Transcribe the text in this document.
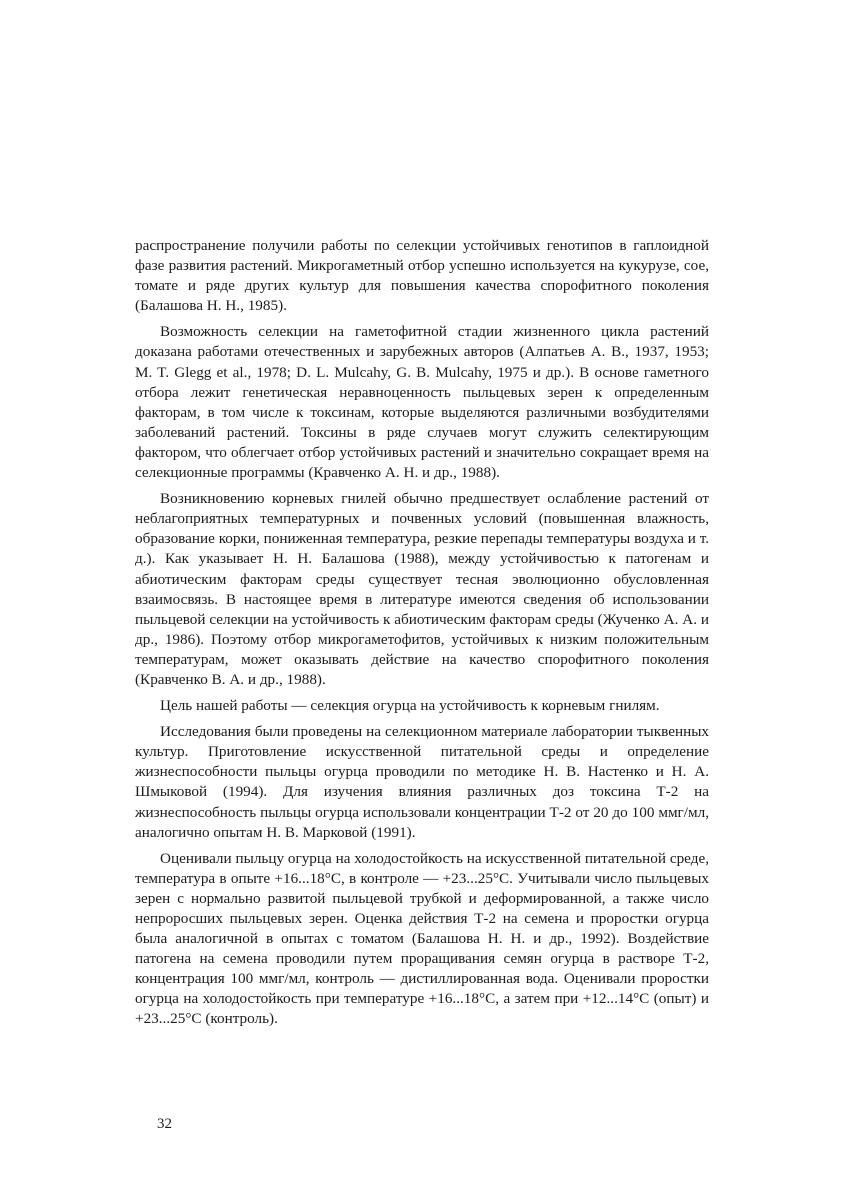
распространение получили работы по селекции устойчивых генотипов в гаплоидной фазе развития растений. Микрогаметный отбор успешно используется на кукурузе, сое, томате и ряде других культур для повышения качества спорофитного поколения (Балашова Н. Н., 1985).

Возможность селекции на гаметофитной стадии жизненного цикла растений доказана работами отечественных и зарубежных авторов (Алпатьев А. В., 1937, 1953; M. T. Glegg et al., 1978; D. L. Mulcahy, G. B. Mulcahy, 1975 и др.). В основе гаметного отбора лежит генетическая неравноценность пыльцевых зерен к определенным факторам, в том числе к токсинам, которые выделяются различными возбудителями заболеваний растений. Токсины в ряде случаев могут служить селектирующим фактором, что облегчает отбор устойчивых растений и значительно сокращает время на селекционные программы (Кравченко А. Н. и др., 1988).

Возникновению корневых гнилей обычно предшествует ослабление растений от неблагоприятных температурных и почвенных условий (повышенная влажность, образование корки, пониженная температура, резкие перепады температуры воздуха и т. д.). Как указывает Н. Н. Балашова (1988), между устойчивостью к патогенам и абиотическим факторам среды существует тесная эволюционно обусловленная взаимосвязь. В настоящее время в литературе имеются сведения об использовании пыльцевой селекции на устойчивость к абиотическим факторам среды (Жученко А. А. и др., 1986). Поэтому отбор микрогаметофитов, устойчивых к низким положительным температурам, может оказывать действие на качество спорофитного поколения (Кравченко В. А. и др., 1988).

Цель нашей работы — селекция огурца на устойчивость к корневым гнилям.

Исследования были проведены на селекционном материале лаборатории тыквенных культур. Приготовление искусственной питательной среды и определение жизнеспособности пыльцы огурца проводили по методике Н. В. Настенко и Н. А. Шмыковой (1994). Для изучения влияния различных доз токсина Т-2 на жизнеспособность пыльцы огурца использовали концентрации Т-2 от 20 до 100 ммг/мл, аналогично опытам Н. В. Марковой (1991).

Оценивали пыльцу огурца на холодостойкость на искусственной питательной среде, температура в опыте +16...18°С, в контроле — +23...25°С. Учитывали число пыльцевых зерен с нормально развитой пыльцевой трубкой и деформированной, а также число непроросших пыльцевых зерен. Оценка действия Т-2 на семена и проростки огурца была аналогичной в опытах с томатом (Балашова Н. Н. и др., 1992). Воздействие патогена на семена проводили путем проращивания семян огурца в растворе Т-2, концентрация 100 ммг/мл, контроль — дистиллированная вода. Оценивали проростки огурца на холодостойкость при температуре +16...18°С, а затем при +12...14°С (опыт) и +23...25°С (контроль).

32
